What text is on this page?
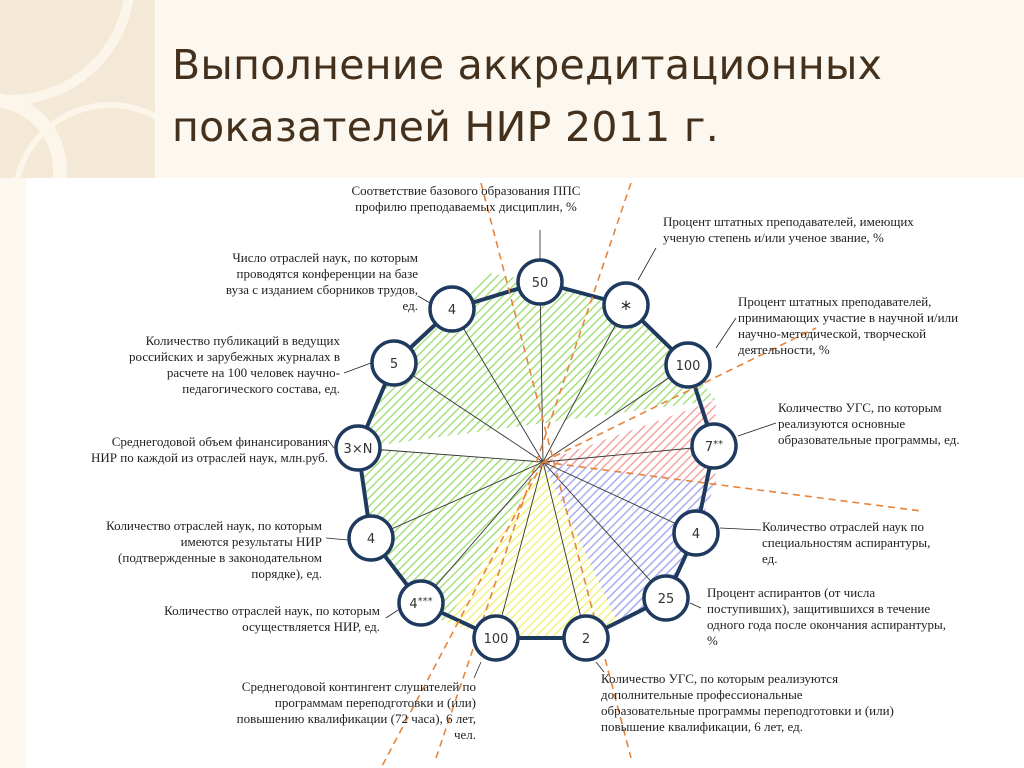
Выполнение аккредитационных
показателей НИР 2011 г.
50
*
100
7**
4
25
2
100
4***
4
3×N
5
4
Соответствие базового образования ППС
профилю преподаваемых дисциплин, %
Процент штатных преподавателей, имеющих
ученую степень и/или ученое звание, %
Процент штатных преподавателей,
принимающих участие в научной и/или
научно-методической, творческой
деятельности, %
Количество УГС, по которым
реализуются основные
образовательные программы, ед.
Количество отраслей наук по
специальностям аспирантуры,
ед.
Процент аспирантов (от числа
поступивших), защитившихся в течение
одного года после окончания аспирантуры,
%
Количество УГС, по которым реализуются
дополнительные профессиональные
образовательные программы переподготовки и (или)
повышение квалификации, 6 лет, ед.
Среднегодовой контингент слушателей по
программам переподготовки и (или)
повышению квалификации (72 часа), 6 лет,
чел.
Количество отраслей наук, по которым
осуществляется НИР, ед.
Количество отраслей наук, по которым
имеются результаты НИР
(подтвержденные в законодательном
порядке), ед.
Среднегодовой объем финансирования
НИР по каждой из отраслей наук, млн.руб.
Количество публикаций в ведущих
российских и зарубежных журналах в
расчете на 100 человек научно-
педагогического состава, ед.
Число отраслей наук, по которым
проводятся конференции на базе
вуза с изданием сборников трудов,
ед.
